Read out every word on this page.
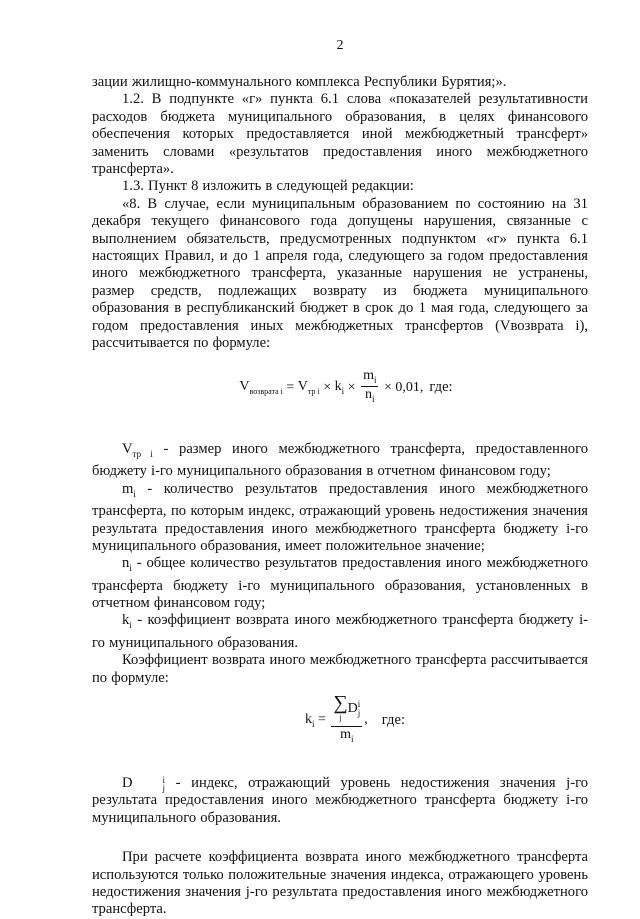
2

зации жилищно-коммунального комплекса Республики Бурятия;».

1.2. В подпункте «г» пункта 6.1 слова «показателей результативности расходов бюджета муниципального образования, в целях финансового обеспечения которых предоставляется иной межбюджетный трансферт» заменить словами «результатов предоставления иного межбюджетного трансферта».

1.3. Пункт 8 изложить в следующей редакции:

«8. В случае, если муниципальным образованием по состоянию на 31 декабря текущего финансового года допущены нарушения, связанные с выполнением обязательств, предусмотренных подпунктом «г» пункта 6.1 настоящих Правил, и до 1 апреля года, следующего за годом предоставления иного межбюджетного трансферта, указанные нарушения не устранены, размер средств, подлежащих возврату из бюджета муниципального образования в республиканский бюджет в срок до 1 мая года, следующего за годом предоставления иных межбюджетных трансфертов (Vвозврата i), рассчитывается по формуле:

$V_{возврата i} = V_{тр i} \times k_i \times \frac{m_i}{n_i} \times 0,01$, где:

$V_{тр i}$ - размер иного межбюджетного трансферта, предоставленного бюджету i-го муниципального образования в отчетном финансовом году;

$m_i$ - количество результатов предоставления иного межбюджетного трансферта, по которым индекс, отражающий уровень недостижения значения результата предоставления иного межбюджетного трансферта бюджету i-го муниципального образования, имеет положительное значение;

$n_i$ - общее количество результатов предоставления иного межбюджетного трансферта бюджету i-го муниципального образования, установленных в отчетном финансовом году;

$k_i$ - коэффициент возврата иного межбюджетного трансферта бюджету i-го муниципального образования.

Коэффициент возврата иного межбюджетного трансферта рассчитывается по формуле:

$k_i$ = ∑
j
D i
j
$m_i$ , где:

D	i
j - индекс, отражающий уровень недостижения значения j-го результата предоставления иного межбюджетного трансферта бюджету i-го муниципального образования.

При расчете коэффициента возврата иного межбюджетного трансферта используются только положительные значения индекса, отражающего уровень недостижения значения j-го результата предоставления иного межбюджетного трансферта.
